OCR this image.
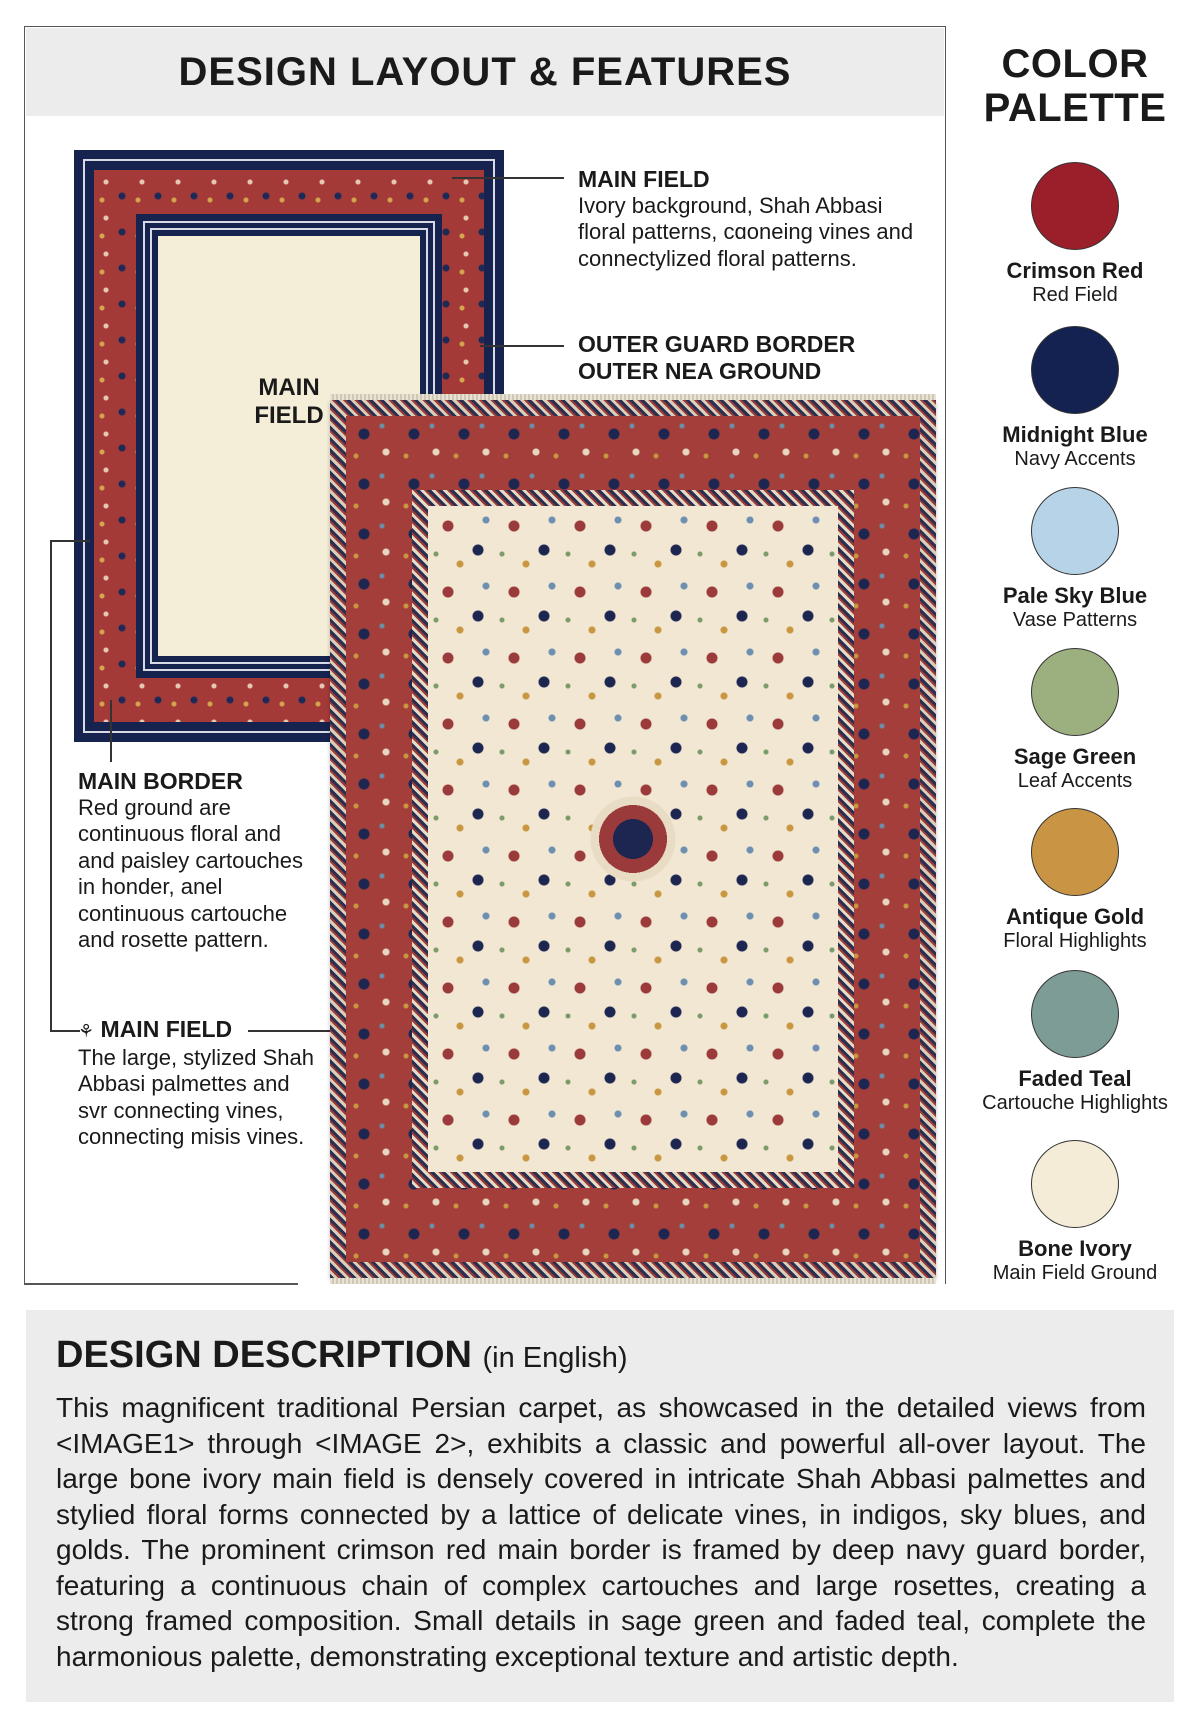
DESIGN LAYOUT & FEATURES
MAIN FIELD
MAIN FIELD
Ivory background, Shah Abbasi floral patterns, cɑoneing vines and connectylized floral patterns.
OUTER GUARD BORDER
OUTER NEA GROUND
MAIN BORDER
Red ground are continuous floral and and paisley cartouches in honder, anel continuous cartouche and rosette pattern.
⚘ MAIN FIELD
The large, stylized Shah Abbasi palmettes and svr connecting vines, connecting misis vines.
COLOR PALETTE
Crimson Red
Red Field
Midnight Blue
Navy Accents
Pale Sky Blue
Vase Patterns
Sage Green
Leaf Accents
Antique Gold
Floral Highlights
Faded Teal
Cartouche Highlights
Bone Ivory
Main Field Ground
DESIGN DESCRIPTION (in English)
This magnificent traditional Persian carpet, as showcased in the detailed views from <IMAGE1> through <IMAGE 2>, exhibits a classic and powerful all-over layout. The large bone ivory main field is densely covered in intricate Shah Abbasi palmettes and stylied floral forms connected by a lattice of delicate vines, in indigos, sky blues, and golds. The prominent crimson red main border is framed by deep navy guard border, featuring a continuous chain of complex cartouches and large rosettes, creating a strong framed composition. Small details in sage green and faded teal, complete the harmonious palette, demonstrating exceptional texture and artistic depth.
